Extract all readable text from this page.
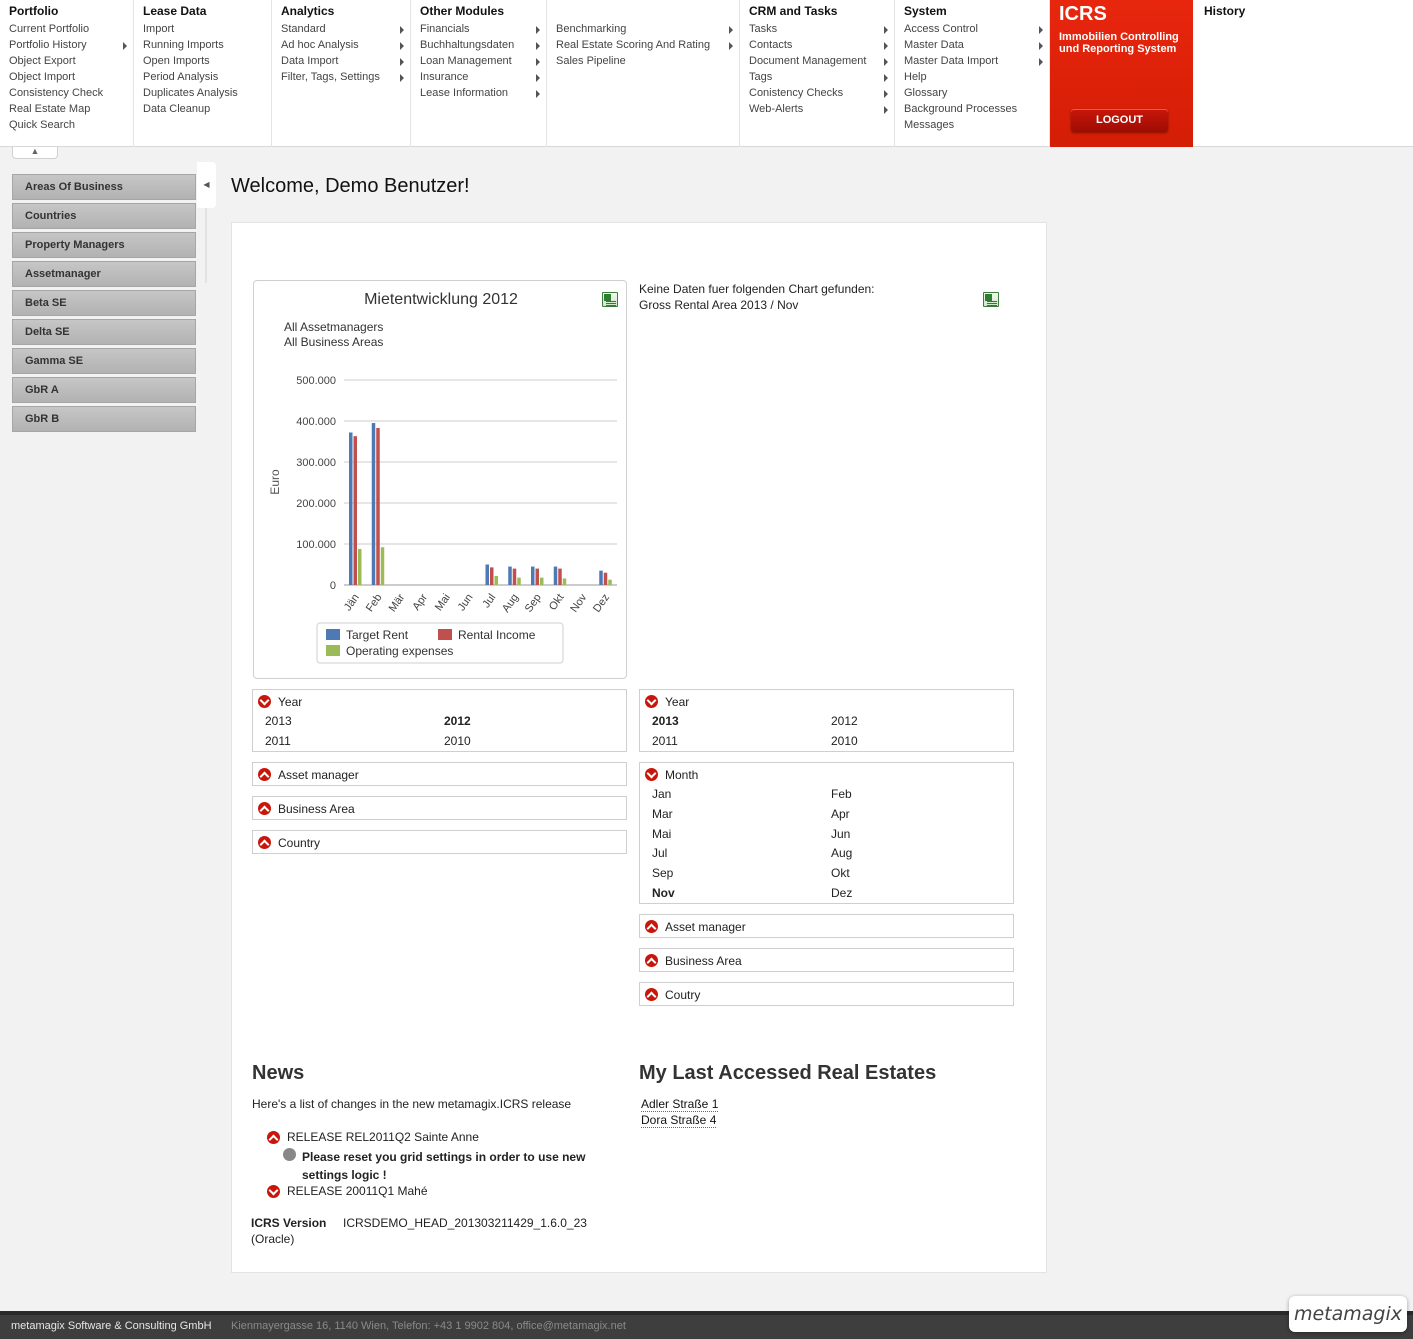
Portfolio
Current Portfolio
Portfolio History
Object Export
Object Import
Consistency Check
Real Estate Map
Quick Search
Lease Data
Import
Running Imports
Open Imports
Period Analysis
Duplicates Analysis
Data Cleanup
Analytics
Standard
Ad hoc Analysis
Data Import
Filter, Tags, Settings
Other Modules
Financials
Buchhaltungsdaten
Loan Management
Insurance
Lease Information
Benchmarking
Real Estate Scoring And Rating
Sales Pipeline
CRM and Tasks
Tasks
Contacts
Document Management
Tags
Conistency Checks
Web-Alerts
System
Access Control
Master Data
Master Data Import
Help
Glossary
Background Processes
Messages
ICRS
Immobilien Controlling und Reporting System
LOGOUT
History
▲
Areas Of Business
Countries
Property Managers
Assetmanager
Beta SE
Delta SE
Gamma SE
GbR A
GbR B
◀	Welcome, Demo Benutzer!
Mietentwicklung 2012
All Assetmanagers
All Business Areas
Euro
0
100.000
200.000
300.000
400.000
500.000
Jän Feb Mär Apr Mai Jun Jul Aug Sep Okt Nov Dez
Target Rent	Rental Income
Operating expenses
Keine Daten fuer folgenden Chart gefunden:
Gross Rental Area 2013 / Nov
Year
2013	2012
2011	2010
Asset manager
Business Area
Country
Year
2013	2012
2011	2010
Month
Jan	Feb
Mar	Apr
Mai	Jun
Jul	Aug
Sep	Okt
Nov	Dez
Asset manager
Business Area
Coutry
News
Here's a list of changes in the new metamagix.ICRS release
RELEASE REL2011Q2 Sainte Anne
Please reset you grid settings in order to use new settings logic !
RELEASE 20011Q1 Mahé
ICRS Version ICRSDEMO_HEAD_201303211429_1.6.0_23
(Oracle)
My Last Accessed Real Estates
Adler Straße 1
Dora Straße 4
metamagix Software & Consulting GmbH Kienmayergasse 16, 1140 Wien, Telefon: +43 1 9902 804, office@metamagix.net
metamagix
